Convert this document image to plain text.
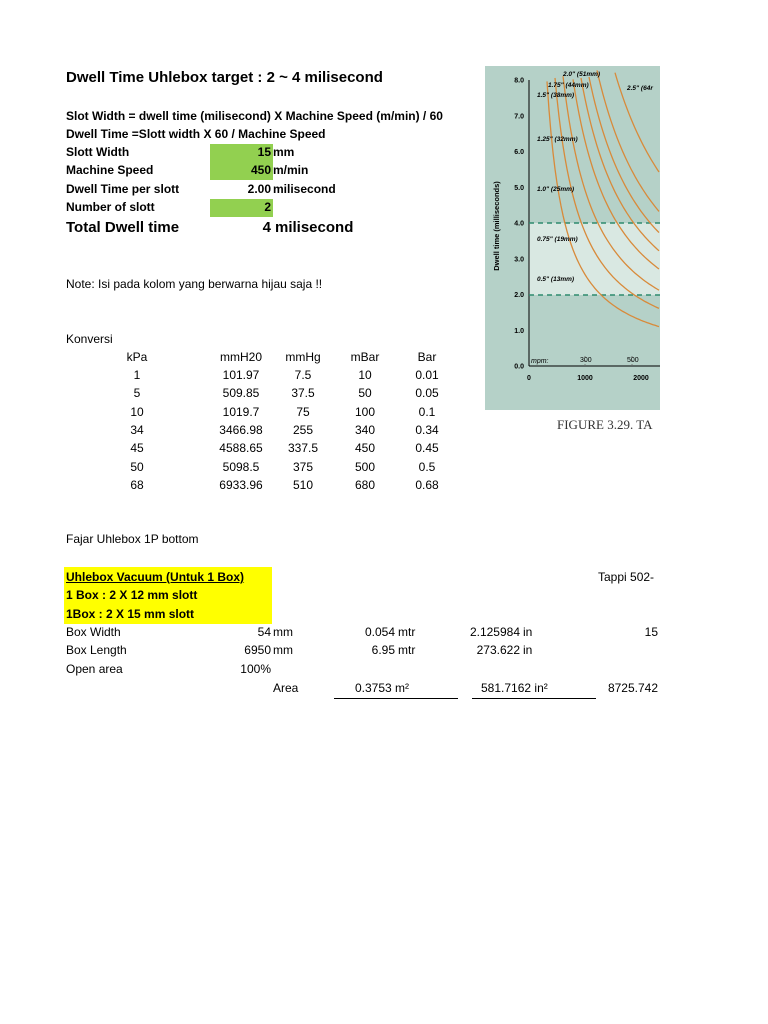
Dwell Time Uhlebox target : 2 ~ 4 milisecond
Slot Width = dwell time (milisecond) X Machine Speed (m/min) / 60
Dwell Time =Slott width X 60 / Machine Speed
Slott Width	15 mm
Machine Speed	450 m/min
Dwell Time per slott	2.00 milisecond
Number of slott	2
Total Dwell time	4 milisecond
Note: Isi pada kolom yang berwarna hijau saja !!
Konversi
kPa	mmH20	mmHg	mBar	Bar
1	101.97	7.5	10	0.01
5	509.85	37.5	50	0.05
10	1019.7	75	100	0.1
34	3466.98	255	340	0.34
45	4588.65	337.5	450	0.45
50	5098.5	375	500	0.5
68	6933.96	510	680	0.68
Fajar Uhlebox 1P bottom
Uhlebox Vacuum (Untuk 1 Box)
1 Box : 2 X 12 mm slott
1Box : 2 X 15 mm slott
Tappi 502-
Box Width	54 mm	0.054 mtr	2.125984 in	15
Box Length	6950 mm	6.95 mtr	273.622 in
Open area	100%
Area	0.3753 m²	581.7162 in²	8725.742
8.0
7.0
6.0
5.0
4.0
3.0
2.0
1.0
0.0
0	1000	2000
mpm:	300	500
Dwell time (milliseconds)
2.0" (51mm)
1.75" (44mm)
1.5" (38mm)
2.5" (64r
1.25" (32mm)
1.0" (25mm)
0.75" (19mm)
0.5" (13mm)
FIGURE 3.29. TA
